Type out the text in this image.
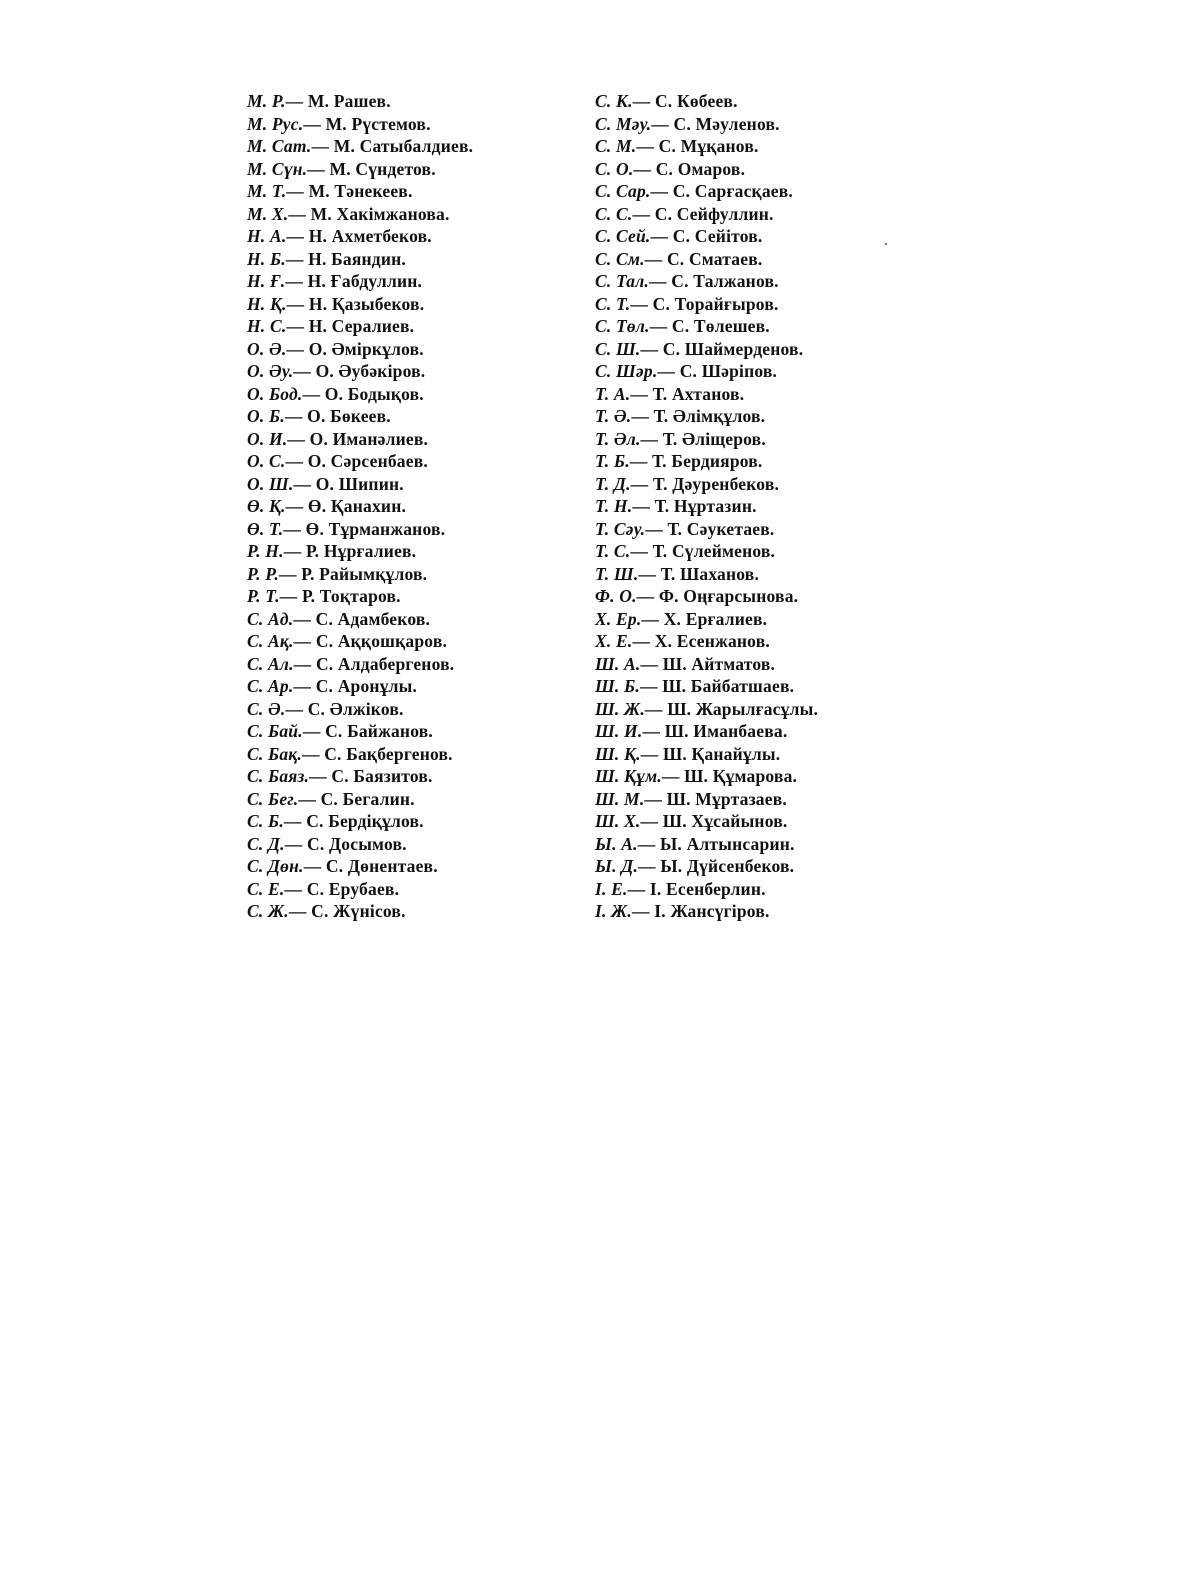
М. Р.— М. Рашев.
М. Рус.— М. Рүстемов.
М. Сат.— М. Сатыбалдиев.
М. Сүн.— М. Сүндетов.
М. Т.— М. Тәнекеев.
М. Х.— М. Хакімжанова.
Н. А.— Н. Ахметбеков.
Н. Б.— Н. Баяндин.
Н. Ғ.— Н. Ғабдуллин.
Н. Қ.— Н. Қазыбеков.
Н. С.— Н. Сералиев.
О. Ә.— О. Әміркұлов.
О. Әу.— О. Әубәкіров.
О. Бод.— О. Бодықов.
О. Б.— О. Бөкеев.
О. И.— О. Иманәлиев.
О. С.— О. Сәрсенбаев.
О. Ш.— О. Шипин.
Ө. Қ.— Ө. Қанахин.
Ө. Т.— Ө. Тұрманжанов.
Р. Н.— Р. Нұрғалиев.
Р. Р.— Р. Райымқұлов.
Р. Т.— Р. Тоқтаров.
С. Ад.— С. Адамбеков.
С. Ақ.— С. Аққошқаров.
С. Ал.— С. Алдабергенов.
С. Ар.— С. Аронұлы.
С. Ә.— С. Әлжіков.
С. Бай.— С. Байжанов.
С. Бақ.— С. Бақбергенов.
С. Бaяз.— С. Баязитов.
С. Бег.— С. Бегалин.
С. Б.— С. Бердіқұлов.
С. Д.— С. Досымов.
С. Дөн.— С. Дөнентаев.
С. Е.— С. Ерубаев.
С. Ж.— С. Жүнісов.
С. К.— С. Көбеев.
С. Мәу.— С. Мәуленов.
С. М.— С. Мұқанов.
С. О.— С. Омаров.
С. Сар.— С. Сарғасқаев.
С. С.— С. Сейфуллин.
С. Сей.— С. Сейітов.
С. См.— С. Сматаев.
С. Тал.— С. Талжанов.
С. Т.— С. Торайғыров.
С. Төл.— С. Төлешев.
С. Ш.— С. Шаймерденов.
С. Шәр.— С. Шәріпов.
Т. А.— Т. Ахтанов.
Т. Ә.— Т. Әлімқұлов.
Т. Әл.— Т. Әліщеров.
Т. Б.— Т. Бердияров.
Т. Д.— Т. Дәуренбеков.
Т. Н.— Т. Нұртазин.
Т. Сәу.— Т. Сәукетаев.
Т. С.— Т. Сүлейменов.
Т. Ш.— Т. Шаханов.
Ф. О.— Ф. Оңғарсынова.
Х. Ер.— Х. Ерғалиев.
Х. Е.— Х. Есенжанов.
Ш. А.— Ш. Айтматов.
Ш. Б.— Ш. Байбатшаев.
Ш. Ж.— Ш. Жарылғасұлы.
Ш. И.— Ш. Иманбаева.
Ш. Қ.— Ш. Қанайұлы.
Ш. Құм.— Ш. Құмарова.
Ш. М.— Ш. Мұртазаев.
Ш. Х.— Ш. Хұсайынов.
Ы. А.— Ы. Алтынсарин.
Ы. Д.— Ы. Дүйсенбеков.
І. Е.— І. Есенберлин.
І. Ж.— І. Жансүгіров.
